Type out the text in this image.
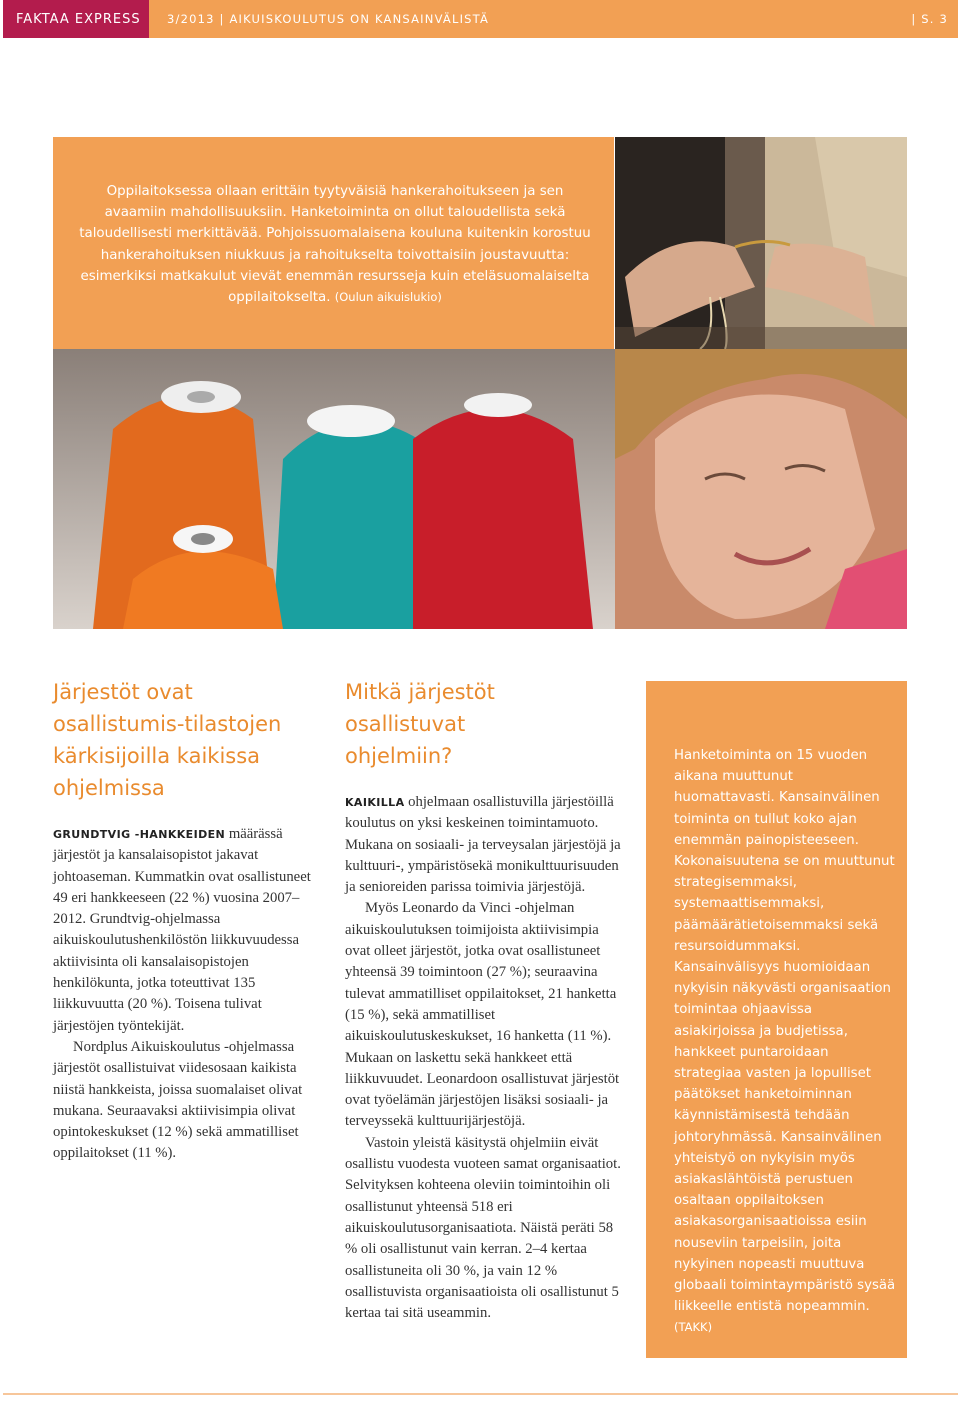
FAKTAA EXPRESS	3/2013 | AIKUISKOULUTUS ON KANSAINVÄLISTÄ	| S. 3

Oppilaitoksessa ollaan erittäin tyytyväisiä hankerahoitukseen ja sen avaamiin mahdollisuuksiin. Hanketoiminta on ollut taloudellista sekä taloudellisesti merkittävää. Pohjoissuomalaisena kouluna kuitenkin korostuu hankerahoituksen niukkuus ja rahoitukselta toivottaisiin joustavuutta: esimerkiksi matkakulut vievät enemmän resursseja kuin eteläsuomalaiselta oppilaitokselta. (Oulun aikuislukio)

Järjestöt ovat osallistumis-tilastojen kärkisijoilla kaikissa ohjelmissa

GRUNDTVIG -HANKKEIDEN määrässä järjestöt ja kansalaisopistot jakavat johtoaseman. Kummatkin ovat osallistuneet 49 eri hankkeeseen (22 %) vuosina 2007–2012. Grundtvig-ohjelmassa aikuiskoulutushenkilöstön liikkuvuudessa aktiivisinta oli kansalaisopistojen henkilökunta, jotka toteuttivat 135 liikkuvuutta (20 %). Toisena tulivat järjestöjen työntekijät.

Nordplus Aikuiskoulutus -ohjelmassa järjestöt osallistuivat viidesosaan kaikista niistä hankkeista, joissa suomalaiset olivat mukana. Seuraavaksi aktiivisimpia olivat opintokeskukset (12 %) sekä ammatilliset oppilaitokset (11 %).

Mitkä järjestöt osallistuvat ohjelmiin?

KAIKILLA ohjelmaan osallistuvilla järjestöillä koulutus on yksi keskeinen toimintamuoto. Mukana on sosiaali- ja terveysalan järjestöjä ja kulttuuri-, ympäristösekä monikulttuurisuuden ja senioreiden parissa toimivia järjestöjä.

Myös Leonardo da Vinci -ohjelman aikuiskoulutuksen toimijoista aktiivisimpia ovat olleet järjestöt, jotka ovat osallistuneet yhteensä 39 toimintoon (27 %); seuraavina tulevat ammatilliset oppilaitokset, 21 hanketta (15 %), sekä ammatilliset aikuiskoulutuskeskukset, 16 hanketta (11 %). Mukaan on laskettu sekä hankkeet että liikkuvuudet. Leonardoon osallistuvat järjestöt ovat työelämän järjestöjen lisäksi sosiaali- ja terveyssekä kulttuurijärjestöjä.

Vastoin yleistä käsitystä ohjelmiin eivät osallistu vuodesta vuoteen samat organisaatiot. Selvityksen kohteena oleviin toimintoihin oli osallistunut yhteensä 518 eri aikuiskoulutusorganisaatiota. Näistä peräti 58 % oli osallistunut vain kerran. 2–4 kertaa osallistuneita oli 30 %, ja vain 12 % osallistuvista organisaatioista oli osallistunut 5 kertaa tai sitä useammin.

Hanketoiminta on 15 vuoden aikana muuttunut huomattavasti. Kansainvälinen toiminta on tullut koko ajan enemmän painopisteeseen. Kokonaisuutena se on muuttunut strategisemmaksi, systemaattisemmaksi, päämäärätietoisemmaksi sekä resursoidummaksi. Kansainvälisyys huomioidaan nykyisin näkyvästi organisaation toimintaa ohjaavissa asiakirjoissa ja budjetissa, hankkeet puntaroidaan strategiaa vasten ja lopulliset päätökset hanketoiminnan käynnistämisestä tehdään johtoryhmässä. Kansainvälinen yhteistyö on nykyisin myös asiakaslähtöistä perustuen osaltaan oppilaitoksen asiakasorganisaatioissa esiin nouseviin tarpeisiin, joita nykyinen nopeasti muuttuva globaali toimintaympäristö sysää liikkeelle entistä nopeammin. (TAKK)
